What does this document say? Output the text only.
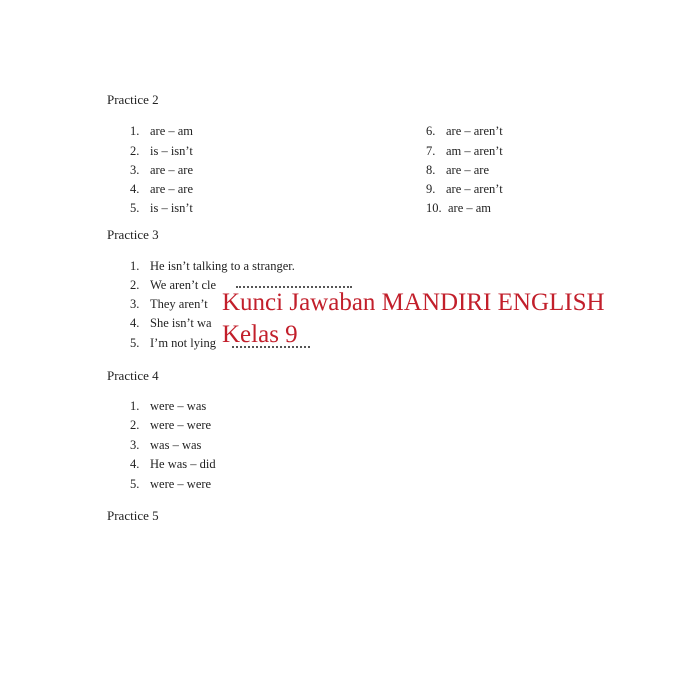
Practice 2
1. are – am
2. is – isn’t
3. are – are
4. are – are
5. is – isn’t
6. are – aren’t
7. am – aren’t
8. are – are
9. are – aren’t
10. are – am
Practice 3
1. He isn’t talking to a stranger.
2. We aren’t cle
3. They aren’t
4. She isn’t wa
5. I’m not lying
Kunci Jawaban MANDIRI ENGLISH
Kelas 9
Practice 4
1. were – was
2. were – were
3. was – was
4. He was – did
5. were – were
Practice 5
